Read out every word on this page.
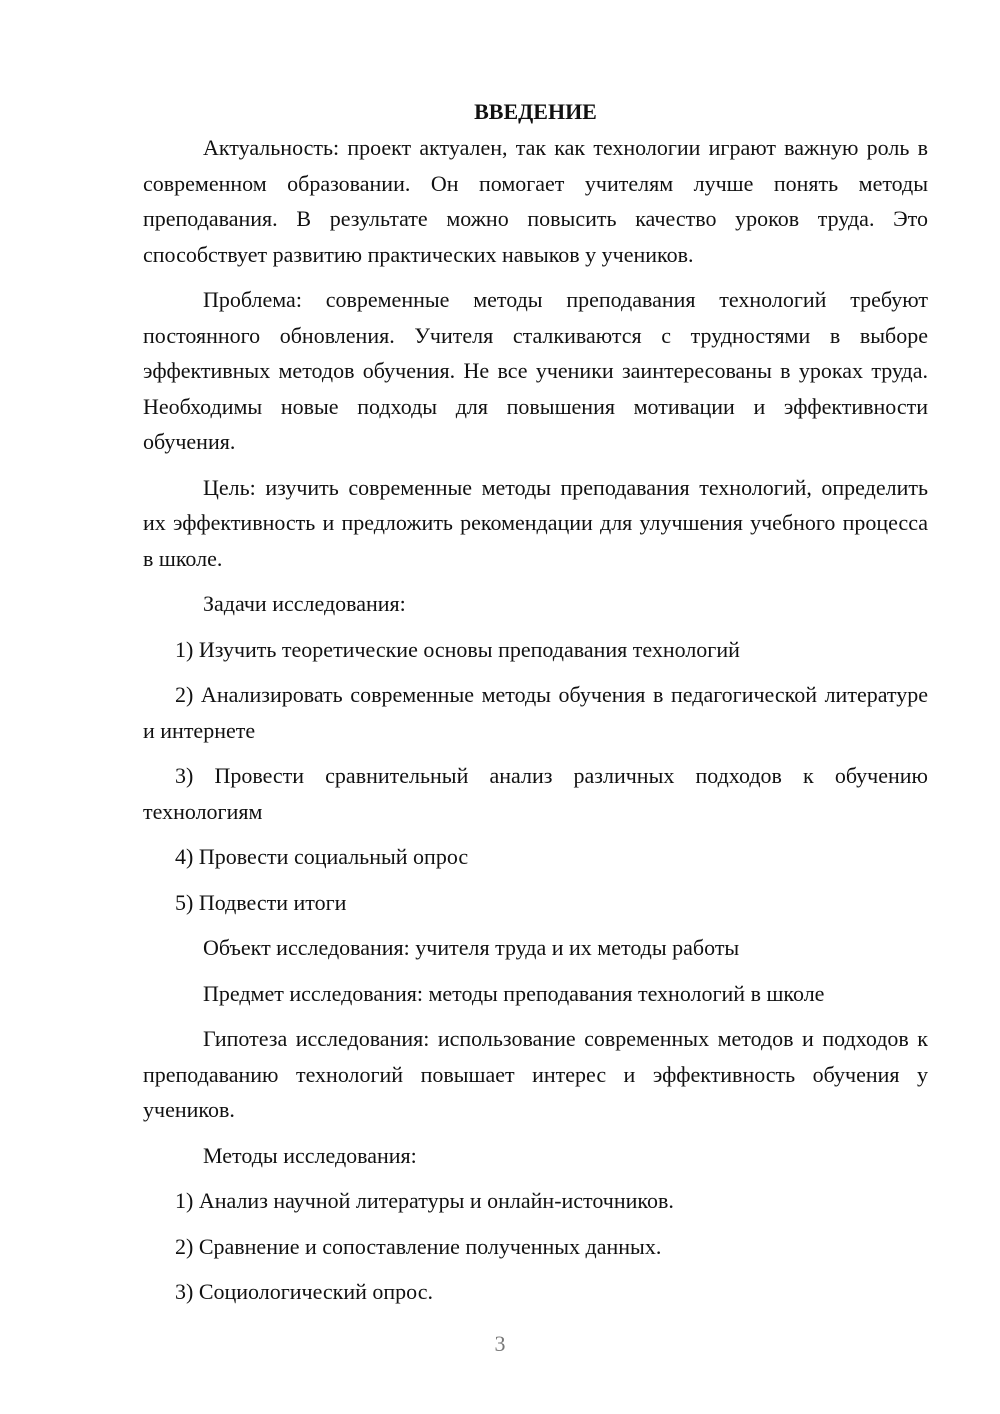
ВВЕДЕНИЕ

Актуальность: проект актуален, так как технологии играют важную роль в современном образовании. Он помогает учителям лучше понять методы преподавания. В результате можно повысить качество уроков труда. Это способствует развитию практических навыков у учеников.

Проблема: современные методы преподавания технологий требуют постоянного обновления. Учителя сталкиваются с трудностями в выборе эффективных методов обучения. Не все ученики заинтересованы в уроках труда. Необходимы новые подходы для повышения мотивации и эффективности обучения.

Цель: изучить современные методы преподавания технологий, определить их эффективность и предложить рекомендации для улучшения учебного процесса в школе.

Задачи исследования:

1) Изучить теоретические основы преподавания технологий

2) Анализировать современные методы обучения в педагогической литературе и интернете

3) Провести сравнительный анализ различных подходов к обучению технологиям

4) Провести социальный опрос

5) Подвести итоги

Объект исследования: учителя труда и их методы работы

Предмет исследования: методы преподавания технологий в школе

Гипотеза исследования: использование современных методов и подходов к преподаванию технологий повышает интерес и эффективность обучения у учеников.

Методы исследования:

1) Анализ научной литературы и онлайн-источников.

2) Сравнение и сопоставление полученных данных.

3) Социологический опрос.

3
